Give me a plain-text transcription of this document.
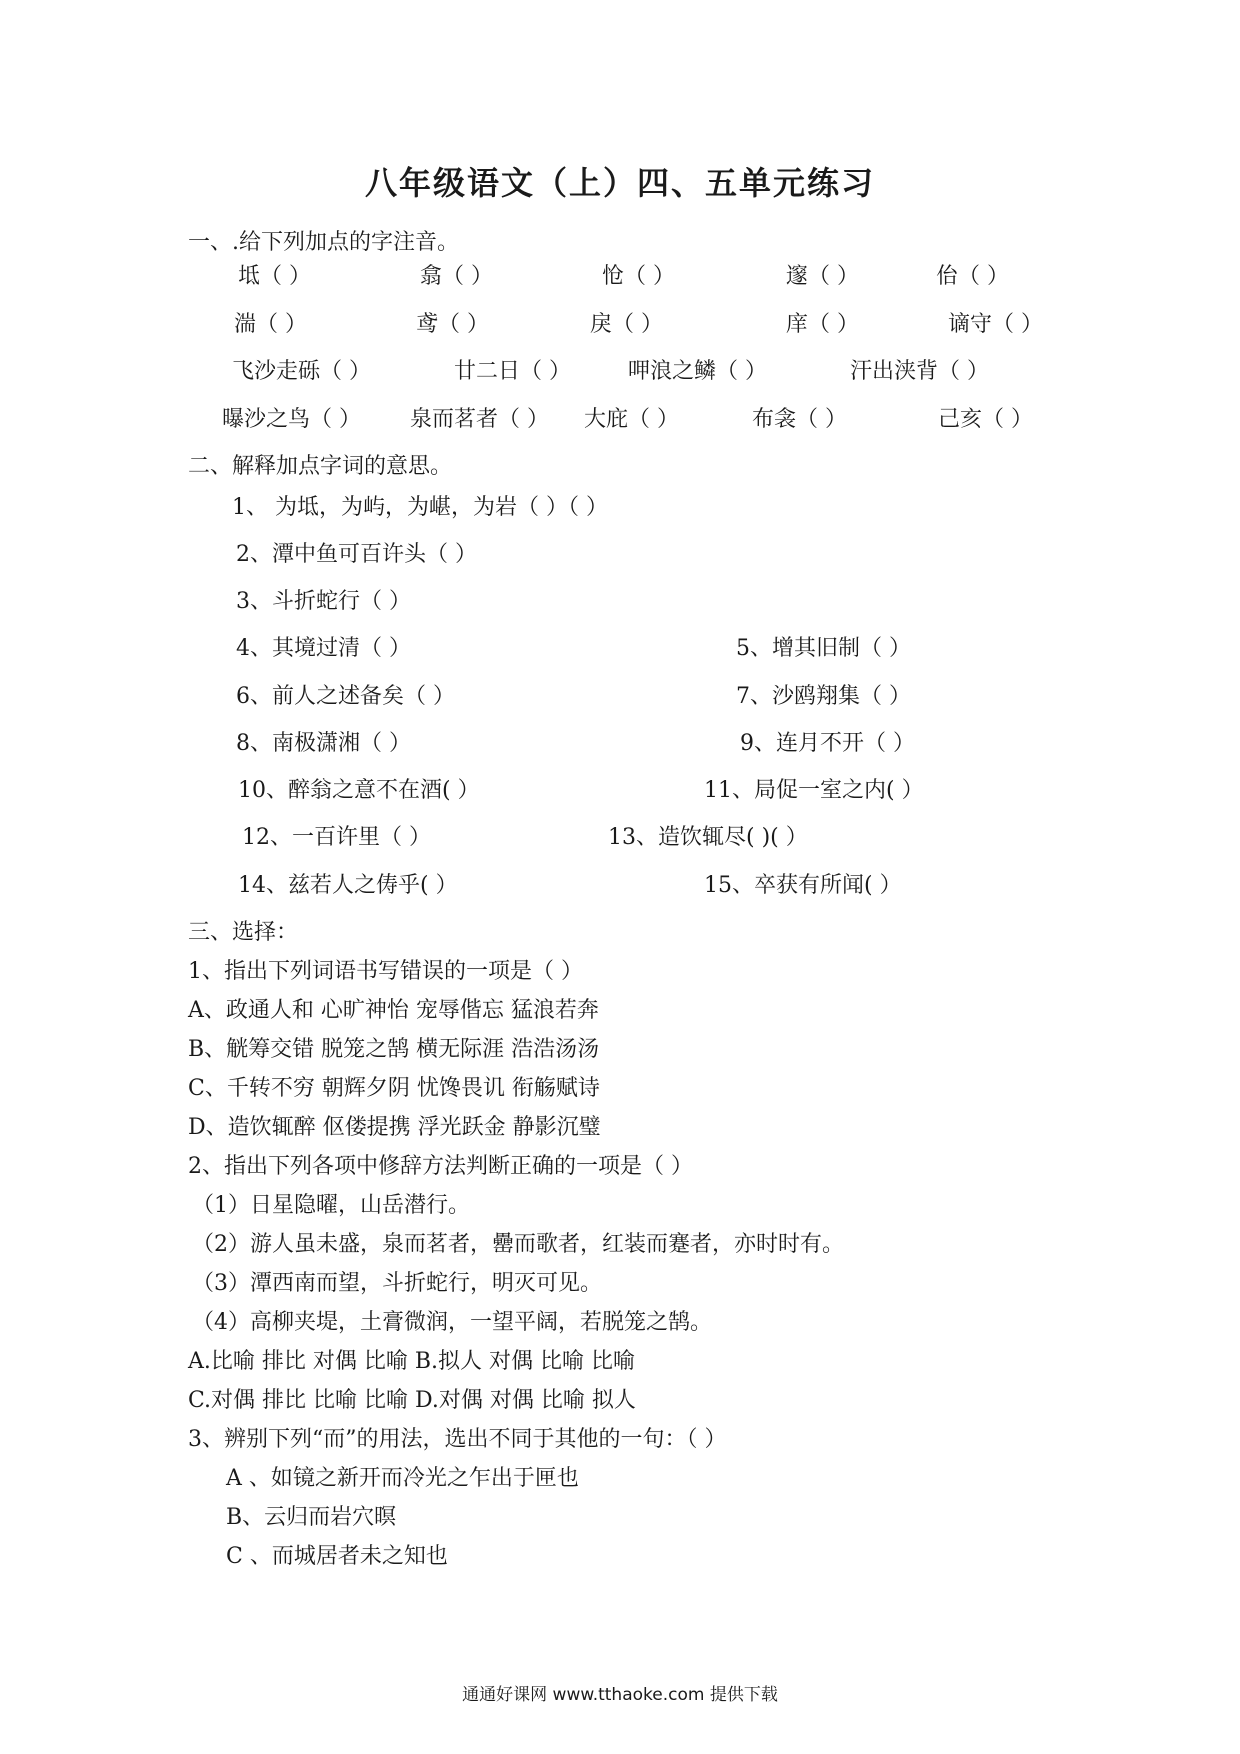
八年级语文（上）四、五单元练习
一、.给下列加点的字注音。
坻（ ）	翕（ ）	怆（ ）	邃（ ）	佁（ ）
湍（ ）	鸢（ ）	戾（ ）	庠（ ）	谪守（ ）
飞沙走砾（ ）	廿二日（ ）	呷浪之鳞（ ）	汗出浃背（ ）
曝沙之鸟（ ） 泉而茗者（ ） 大庇（ ）	布衾（ ）	己亥（ ）
二、解释加点字词的意思。
1、 为坻，为屿，为嵁，为岩（ ）（ ）
2、潭中鱼可百许头（ ）
3、斗折蛇行（ ）
4、其境过清（ ）	5、增其旧制（ ）
6、前人之述备矣（ ）	7、沙鸥翔集（ ）
8、南极潇湘（ ）	9、连月不开（ ）
10、醉翁之意不在酒( ）	11、局促一室之内( ）
12、一百许里（ ）	13、造饮辄尽( )( ）
14、兹若人之俦乎( ）	15、卒获有所闻( ）
三、选择：
1、指出下列词语书写错误的一项是（ ）
A、政通人和 心旷神怡 宠辱偕忘 猛浪若奔
B、觥筹交错 脱笼之鹄 横无际涯 浩浩汤汤
C、千转不穷 朝辉夕阴 忧馋畏讥 衔觞赋诗
D、造饮辄醉 伛偻提携 浮光跃金 静影沉璧
2、指出下列各项中修辞方法判断正确的一项是（ ）
（1）日星隐曜，山岳潜行。
（2）游人虽未盛，泉而茗者，罍而歌者，红装而蹇者，亦时时有。
（3）潭西南而望，斗折蛇行，明灭可见。
（4）高柳夹堤，土膏微润，一望平阔，若脱笼之鹄。
A.比喻 排比 对偶 比喻 B.拟人 对偶 比喻 比喻
C.对偶 排比 比喻 比喻 D.对偶 对偶 比喻 拟人
3、辨别下列“而”的用法，选出不同于其他的一句：（ ）
A 、如镜之新开而冷光之乍出于匣也
B、云归而岩穴暝
C 、而城居者未之知也
通通好课网 www.tthaoke.com 提供下载
